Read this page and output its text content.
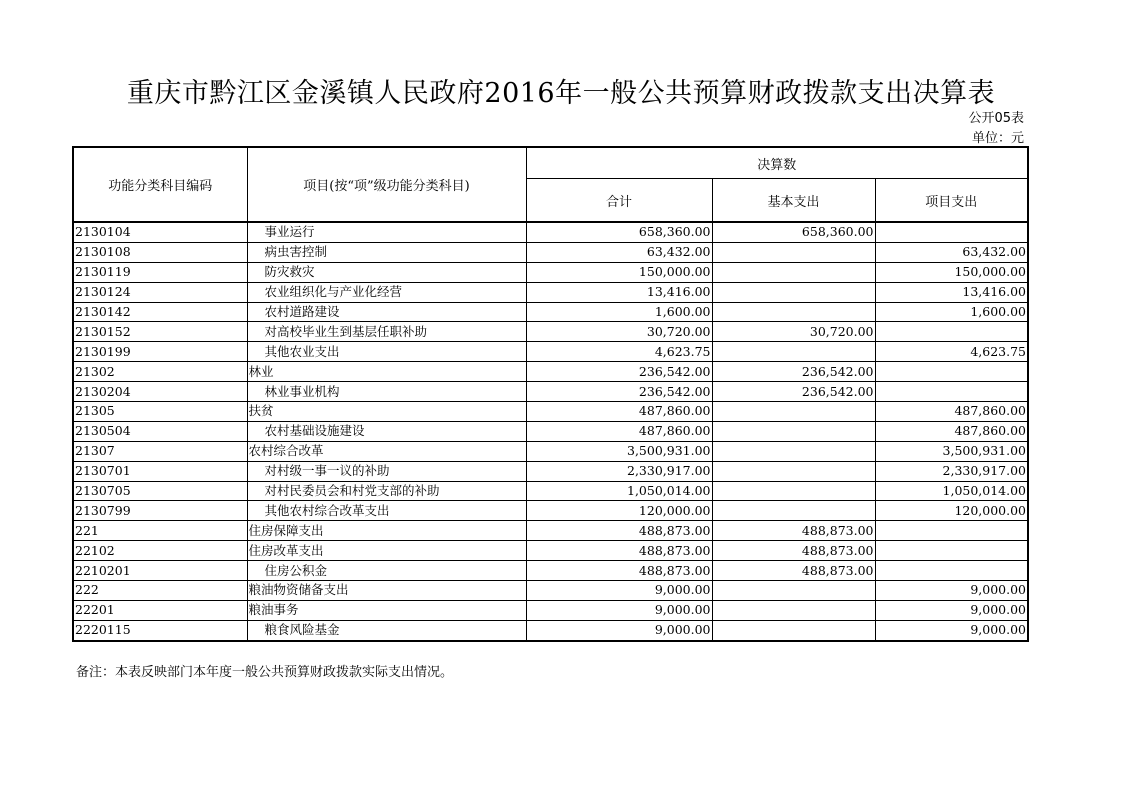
重庆市黔江区金溪镇人民政府2016年一般公共预算财政拨款支出决算表
公开05表
单位：元
功能分类科目编码	项目(按“项”级功能分类科目)	决算数		
		合计	基本支出	项目支出
2130104	事业运行	658,360.00	658,360.00	
2130108	病虫害控制	63,432.00		63,432.00
2130119	防灾救灾	150,000.00		150,000.00
2130124	农业组织化与产业化经营	13,416.00		13,416.00
2130142	农村道路建设	1,600.00		1,600.00
2130152	对高校毕业生到基层任职补助	30,720.00	30,720.00	
2130199	其他农业支出	4,623.75		4,623.75
21302	林业	236,542.00	236,542.00	
2130204	林业事业机构	236,542.00	236,542.00	
21305	扶贫	487,860.00		487,860.00
2130504	农村基础设施建设	487,860.00		487,860.00
21307	农村综合改革	3,500,931.00		3,500,931.00
2130701	对村级一事一议的补助	2,330,917.00		2,330,917.00
2130705	对村民委员会和村党支部的补助	1,050,014.00		1,050,014.00
2130799	其他农村综合改革支出	120,000.00		120,000.00
221	住房保障支出	488,873.00	488,873.00	
22102	住房改革支出	488,873.00	488,873.00	
2210201	住房公积金	488,873.00	488,873.00	
222	粮油物资储备支出	9,000.00		9,000.00
22201	粮油事务	9,000.00		9,000.00
2220115	粮食风险基金	9,000.00		9,000.00
备注：本表反映部门本年度一般公共预算财政拨款实际支出情况。
